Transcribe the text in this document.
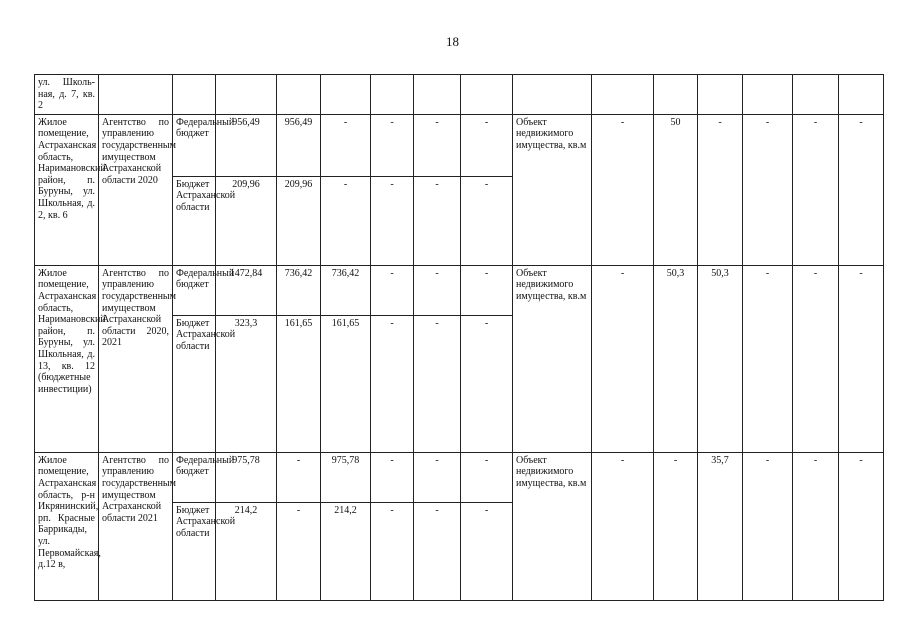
18
ул. Школь-ная, д. 7, кв. 2															
Жилое помещение, Астраханская область, Наримановский район, п. Буруны, ул. Школьная, д. 2, кв. 6	Агентство по управлению государственным имуществом Астраханской области 2020	Федеральный бюджет	956,49	956,49	-	-	-	-	Объект недвижимого имущества, кв.м	-	50	-	-	-	-
		Бюджет Астраханской области	209,96	209,96	-	-	-	-							
Жилое помещение, Астраханская область, Наримановский район, п. Буруны, ул. Школьная, д. 13, кв. 12 (бюджетные инвестиции)	Агентство по управлению государственным имуществом Астраханской области 2020, 2021	Федеральный бюджет	1472,84	736,42	736,42	-	-	-	Объект недвижимого имущества, кв.м	-	50,3	50,3	-	-	-
		Бюджет Астраханской области	323,3	161,65	161,65	-	-	-							
Жилое помещение, Астраханская область, р-н Икрянинский, рп. Красные Баррикады, ул. Первомайская, д.12 в,	Агентство по управлению государственным имуществом Астраханской области 2021	Федеральный бюджет	975,78	-	975,78	-	-	-	Объект недвижимого имущества, кв.м	-	-	35,7	-	-	-
		Бюджет Астраханской области	214,2	-	214,2	-	-	-							
